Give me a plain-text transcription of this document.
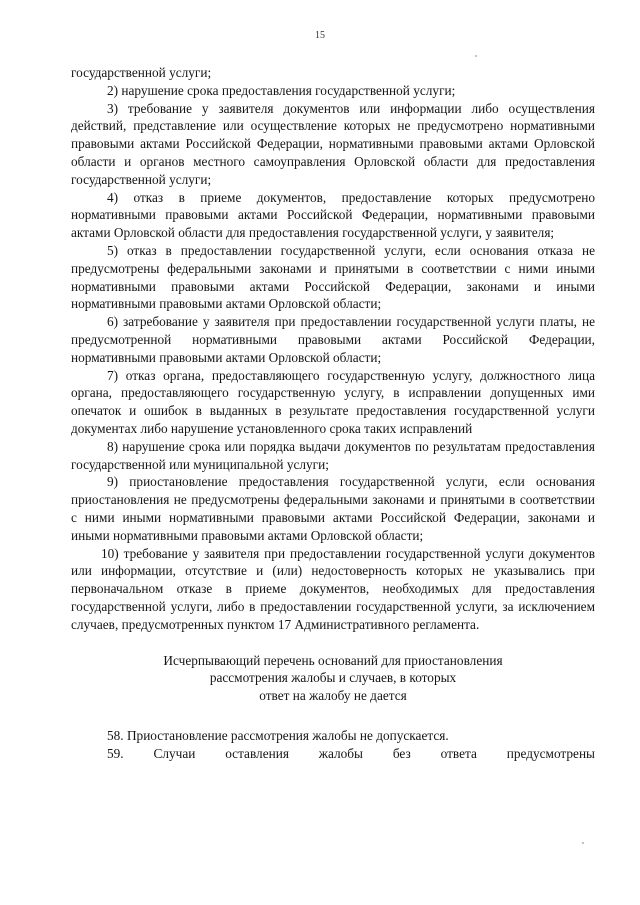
15

государственной услуги;

2) нарушение срока предоставления государственной услуги;

3) требование у заявителя документов или информации либо осуществления действий, представление или осуществление которых не предусмотрено нормативными правовыми актами Российской Федерации, нормативными правовыми актами Орловской области и органов местного самоуправления Орловской области для предоставления государственной услуги;

4) отказ в приеме документов, предоставление которых предусмотрено нормативными правовыми актами Российской Федерации, нормативными правовыми актами Орловской области для предоставления государственной услуги, у заявителя;

5) отказ в предоставлении государственной услуги, если основания отказа не предусмотрены федеральными законами и принятыми в соответствии с ними иными нормативными правовыми актами Российской Федерации, законами и иными нормативными правовыми актами Орловской области;

6) затребование у заявителя при предоставлении государственной услуги платы, не предусмотренной нормативными правовыми актами Российской Федерации, нормативными правовыми актами Орловской области;

7) отказ органа, предоставляющего государственную услугу, должностного лица органа, предоставляющего государственную услугу, в исправлении допущенных ими опечаток и ошибок в выданных в результате предоставления государственной услуги документах либо нарушение установленного срока таких исправлений

8) нарушение срока или порядка выдачи документов по результатам предоставления государственной или муниципальной услуги;

9) приостановление предоставления государственной услуги, если основания приостановления не предусмотрены федеральными законами и принятыми в соответствии с ними иными нормативными правовыми актами Российской Федерации, законами и иными нормативными правовыми актами Орловской области;

10) требование у заявителя при предоставлении государственной услуги документов или информации, отсутствие и (или) недостоверность которых не указывались при первоначальном отказе в приеме документов, необходимых для предоставления государственной услуги, либо в предоставлении государственной услуги, за исключением случаев, предусмотренных пунктом 17 Административного регламента.

Исчерпывающий перечень оснований для приостановления
рассмотрения жалобы и случаев, в которых
ответ на жалобу не дается

58. Приостановление рассмотрения жалобы не допускается.

59. Случаи оставления жалобы без ответа предусмотрены
